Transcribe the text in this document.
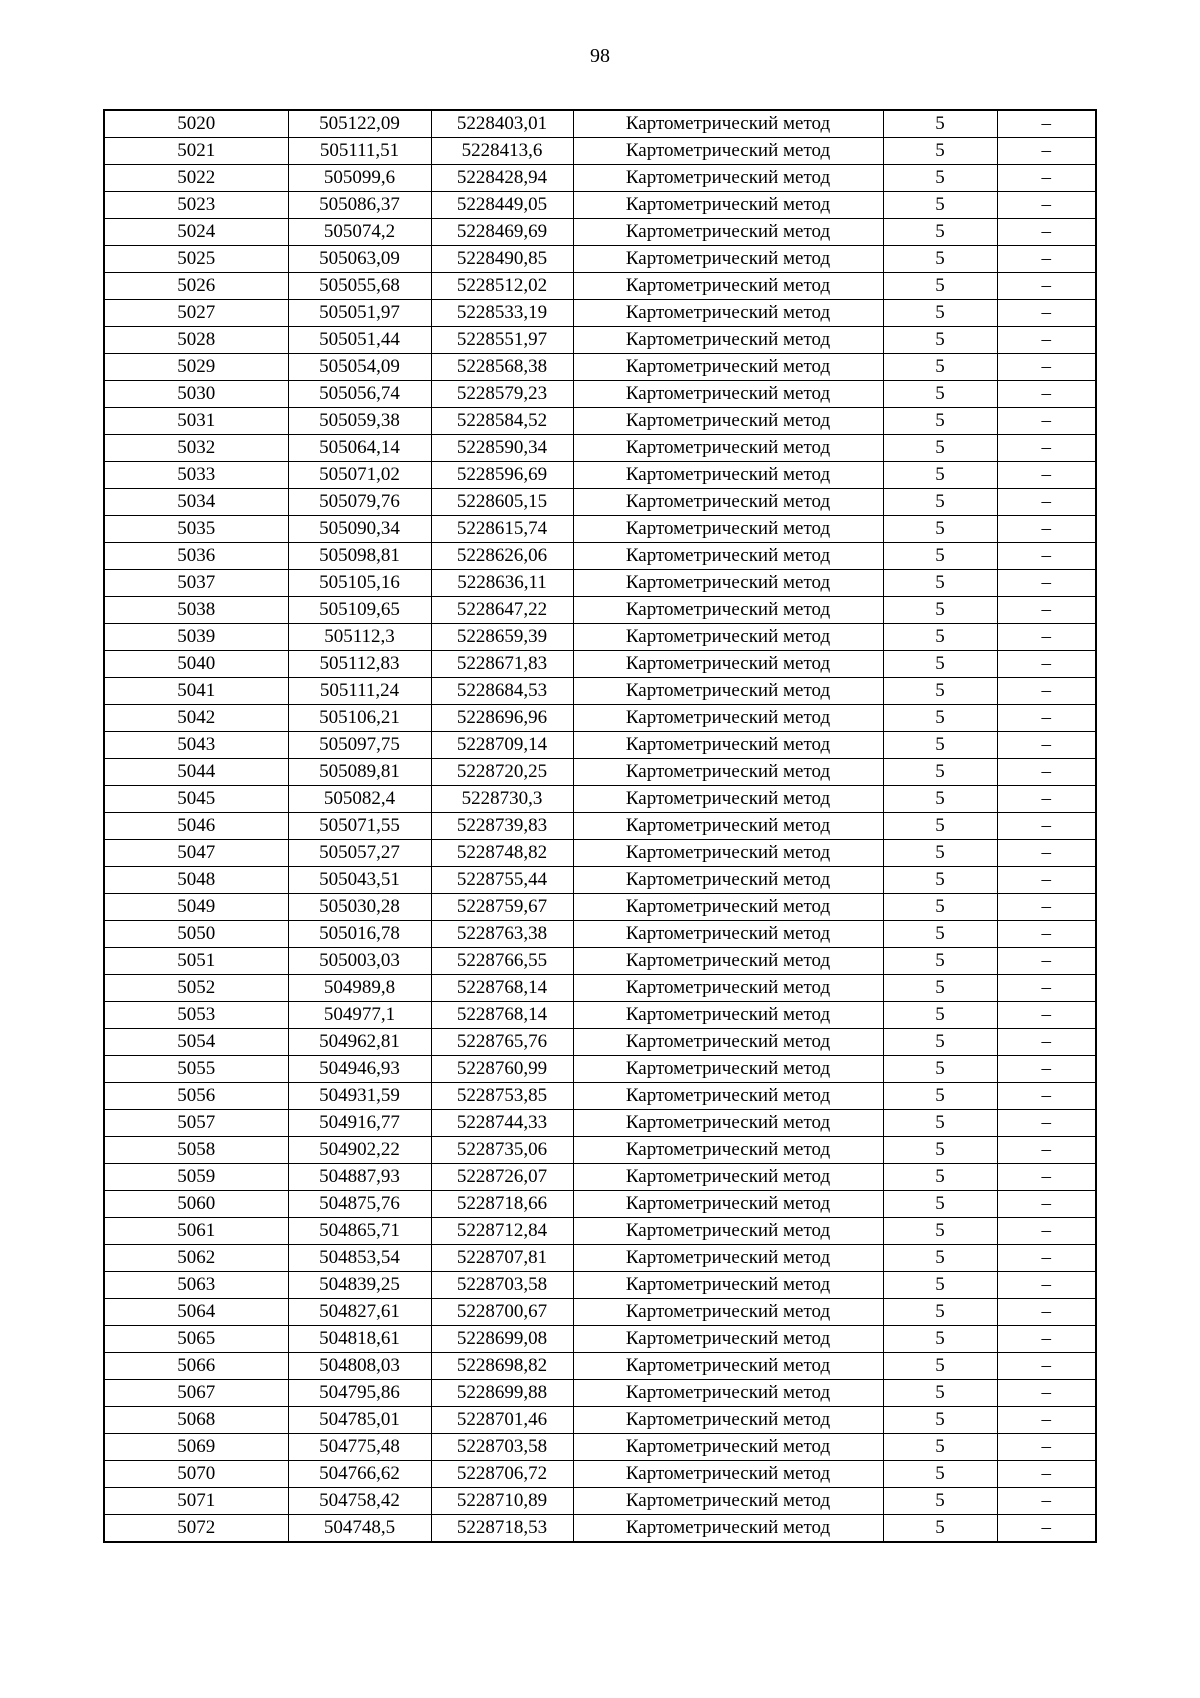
98
5020	505122,09	5228403,01	Картометрический метод	5	–
5021	505111,51	5228413,6	Картометрический метод	5	–
5022	505099,6	5228428,94	Картометрический метод	5	–
5023	505086,37	5228449,05	Картометрический метод	5	–
5024	505074,2	5228469,69	Картометрический метод	5	–
5025	505063,09	5228490,85	Картометрический метод	5	–
5026	505055,68	5228512,02	Картометрический метод	5	–
5027	505051,97	5228533,19	Картометрический метод	5	–
5028	505051,44	5228551,97	Картометрический метод	5	–
5029	505054,09	5228568,38	Картометрический метод	5	–
5030	505056,74	5228579,23	Картометрический метод	5	–
5031	505059,38	5228584,52	Картометрический метод	5	–
5032	505064,14	5228590,34	Картометрический метод	5	–
5033	505071,02	5228596,69	Картометрический метод	5	–
5034	505079,76	5228605,15	Картометрический метод	5	–
5035	505090,34	5228615,74	Картометрический метод	5	–
5036	505098,81	5228626,06	Картометрический метод	5	–
5037	505105,16	5228636,11	Картометрический метод	5	–
5038	505109,65	5228647,22	Картометрический метод	5	–
5039	505112,3	5228659,39	Картометрический метод	5	–
5040	505112,83	5228671,83	Картометрический метод	5	–
5041	505111,24	5228684,53	Картометрический метод	5	–
5042	505106,21	5228696,96	Картометрический метод	5	–
5043	505097,75	5228709,14	Картометрический метод	5	–
5044	505089,81	5228720,25	Картометрический метод	5	–
5045	505082,4	5228730,3	Картометрический метод	5	–
5046	505071,55	5228739,83	Картометрический метод	5	–
5047	505057,27	5228748,82	Картометрический метод	5	–
5048	505043,51	5228755,44	Картометрический метод	5	–
5049	505030,28	5228759,67	Картометрический метод	5	–
5050	505016,78	5228763,38	Картометрический метод	5	–
5051	505003,03	5228766,55	Картометрический метод	5	–
5052	504989,8	5228768,14	Картометрический метод	5	–
5053	504977,1	5228768,14	Картометрический метод	5	–
5054	504962,81	5228765,76	Картометрический метод	5	–
5055	504946,93	5228760,99	Картометрический метод	5	–
5056	504931,59	5228753,85	Картометрический метод	5	–
5057	504916,77	5228744,33	Картометрический метод	5	–
5058	504902,22	5228735,06	Картометрический метод	5	–
5059	504887,93	5228726,07	Картометрический метод	5	–
5060	504875,76	5228718,66	Картометрический метод	5	–
5061	504865,71	5228712,84	Картометрический метод	5	–
5062	504853,54	5228707,81	Картометрический метод	5	–
5063	504839,25	5228703,58	Картометрический метод	5	–
5064	504827,61	5228700,67	Картометрический метод	5	–
5065	504818,61	5228699,08	Картометрический метод	5	–
5066	504808,03	5228698,82	Картометрический метод	5	–
5067	504795,86	5228699,88	Картометрический метод	5	–
5068	504785,01	5228701,46	Картометрический метод	5	–
5069	504775,48	5228703,58	Картометрический метод	5	–
5070	504766,62	5228706,72	Картометрический метод	5	–
5071	504758,42	5228710,89	Картометрический метод	5	–
5072	504748,5	5228718,53	Картометрический метод	5	–
